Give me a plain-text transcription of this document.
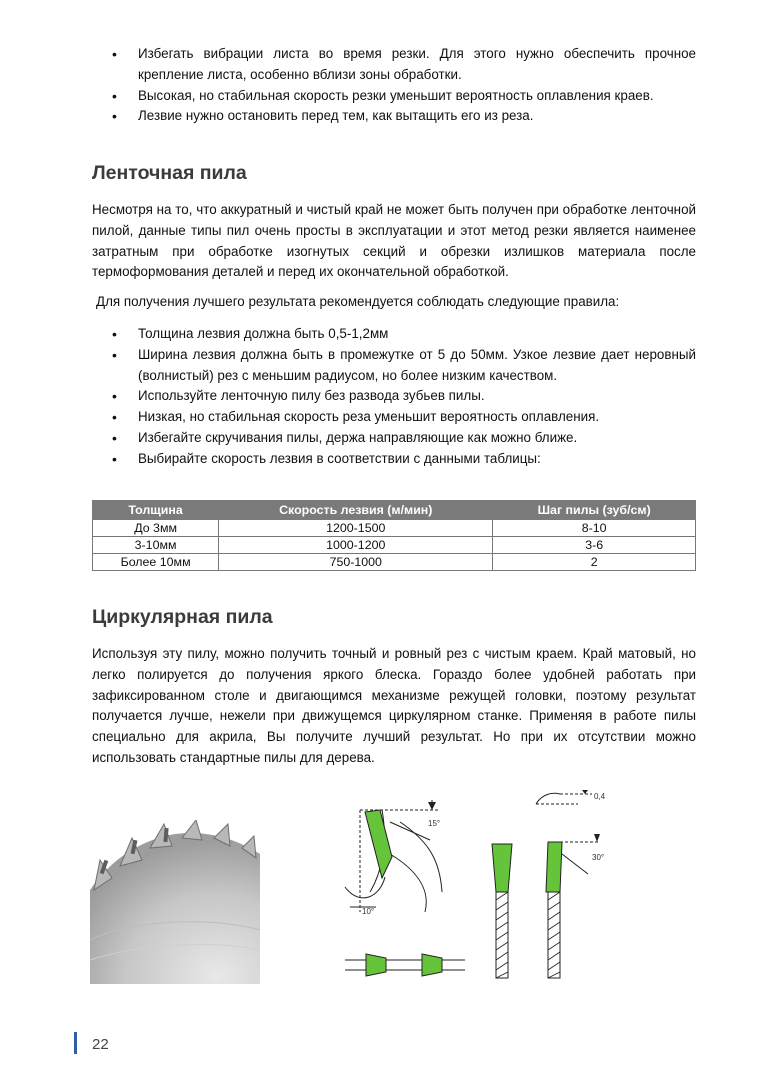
• Избегать вибрации листа во время резки. Для этого нужно обеспечить прочное крепление листа, особенно вблизи зоны обработки.
• Высокая, но стабильная скорость резки уменьшит вероятность оплавления краев.
• Лезвие нужно остановить перед тем, как вытащить его из реза.
Ленточная пила

Несмотря на то, что аккуратный и чистый край не может быть получен при обработке ленточной пилой, данные типы пил очень просты в эксплуатации и этот метод резки является наименее затратным при обработке изогнутых секций и обрезки излишков материала после термоформования деталей и перед их окончательной обработкой.

Для получения лучшего результата рекомендуется соблюдать следующие правила:

• Толщина лезвия должна быть 0,5-1,2мм
• Ширина лезвия должна быть в промежутке от 5 до 50мм. Узкое лезвие дает неровный (волнистый) рез с меньшим радиусом, но более низким качеством.
• Используйте ленточную пилу без развода зубьев пилы.
• Низкая, но стабильная скорость реза уменьшит вероятность оплавления.
• Избегайте скручивания пилы, держа направляющие как можно ближе.
• Выбирайте скорость лезвия в соответствии с данными таблицы:
Толщина	Скорость лезвия (м/мин)	Шаг пилы (зуб/см)
До 3мм	1200-1500	8-10
3-10мм	1000-1200	3-6
Более 10мм	750-1000	2
Циркулярная пила

Используя эту пилу, можно получить точный и ровный рез с чистым краем. Край матовый, но легко полируется до получения яркого блеска. Гораздо более удобней работать при зафиксированном столе и двигающимся механизме режущей головки, поэтому результат получается лучше, нежели при движущемся циркулярном станке. Применяя в работе пилы специально для акрила, Вы получите лучший результат. Но при их отсутствии можно использовать стандартные пилы для дерева.

15°
10°
0,4
30°
22
